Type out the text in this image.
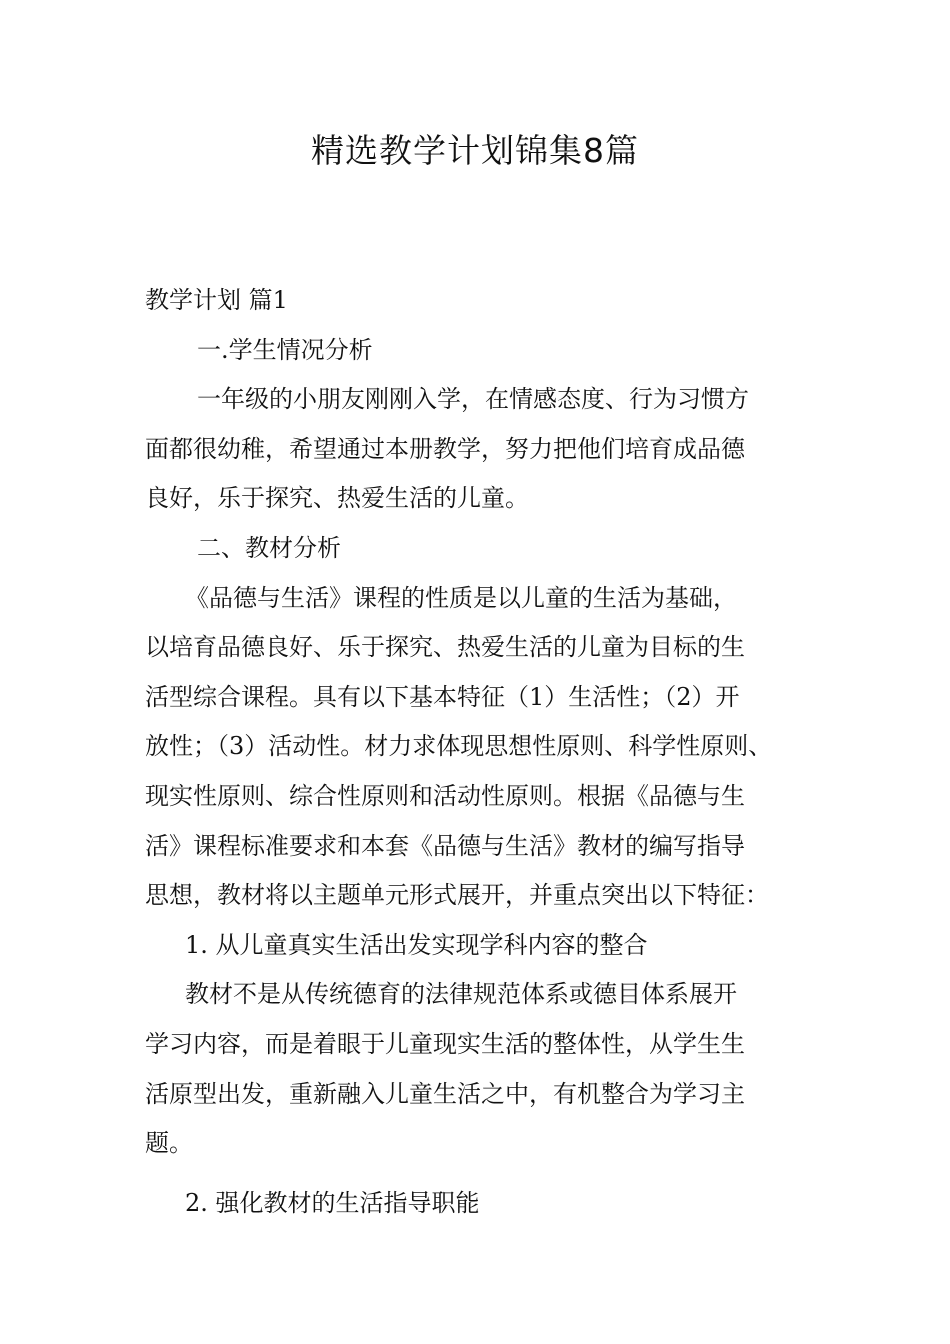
精选教学计划锦集8篇

教学计划 篇1

一.学生情况分析

一年级的小朋友刚刚入学，在情感态度、行为习惯方

面都很幼稚，希望通过本册教学，努力把他们培育成品德

良好，乐于探究、热爱生活的儿童。

二、教材分析

《品德与生活》课程的性质是以儿童的生活为基础，

以培育品德良好、乐于探究、热爱生活的儿童为目标的生

活型综合课程。具有以下基本特征（1）生活性；（2）开

放性；（3）活动性。材力求体现思想性原则、科学性原则、

现实性原则、综合性原则和活动性原则。根据《品德与生

活》课程标准要求和本套《品德与生活》教材的编写指导

思想，教材将以主题单元形式展开，并重点突出以下特征：

1. 从儿童真实生活出发实现学科内容的整合

教材不是从传统德育的法律规范体系或德目体系展开

学习内容，而是着眼于儿童现实生活的整体性，从学生生

活原型出发，重新融入儿童生活之中，有机整合为学习主

题。

2. 强化教材的生活指导职能
